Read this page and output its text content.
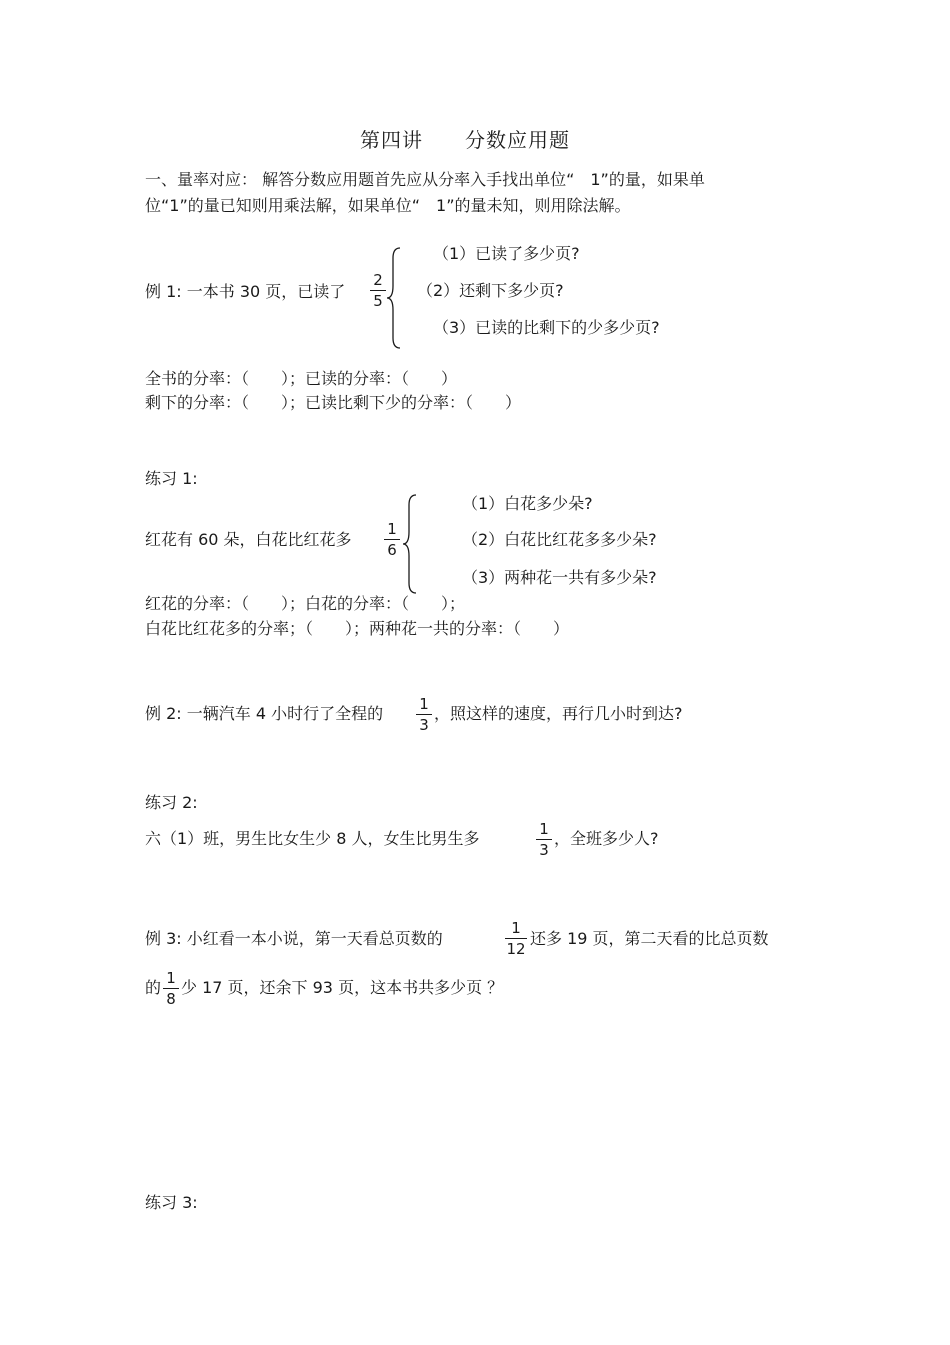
第四讲 分数应用题
一、量率对应： 解答分数应用题首先应从分率入手找出单位“　1”的量，如果单
位“1”的量已知则用乘法解，如果单位“　1”的量未知，则用除法解。
例 1: 一本书 30 页，已读了
2
5
（1）已读了多少页?
（2）还剩下多少页?
（3）已读的比剩下的少多少页?
全书的分率：（　　）；已读的分率：（　　）
剩下的分率：（　　）；已读比剩下少的分率：（　　）
练习 1:
红花有 60 朵，白花比红花多
1
6
（1）白花多少朵?
（2）白花比红花多多少朵?
（3）两种花一共有多少朵?
红花的分率：（　　）；白花的分率：（　　）；
白花比红花多的分率；（　　）；两种花一共的分率：（　　）
例 2: 一辆汽车 4 小时行了全程的	1
3
，照这样的速度，再行几小时到达?
练习 2:
六（1）班，男生比女生少 8 人，女生比男生多	1
3
，全班多少人?
例 3: 小红看一本小说，第一天看总页数的
1
12
还多 19 页，第二天看的比总页数
的 1
8
少 17 页，还余下 93 页，这本书共多少页 ？
练习 3:
